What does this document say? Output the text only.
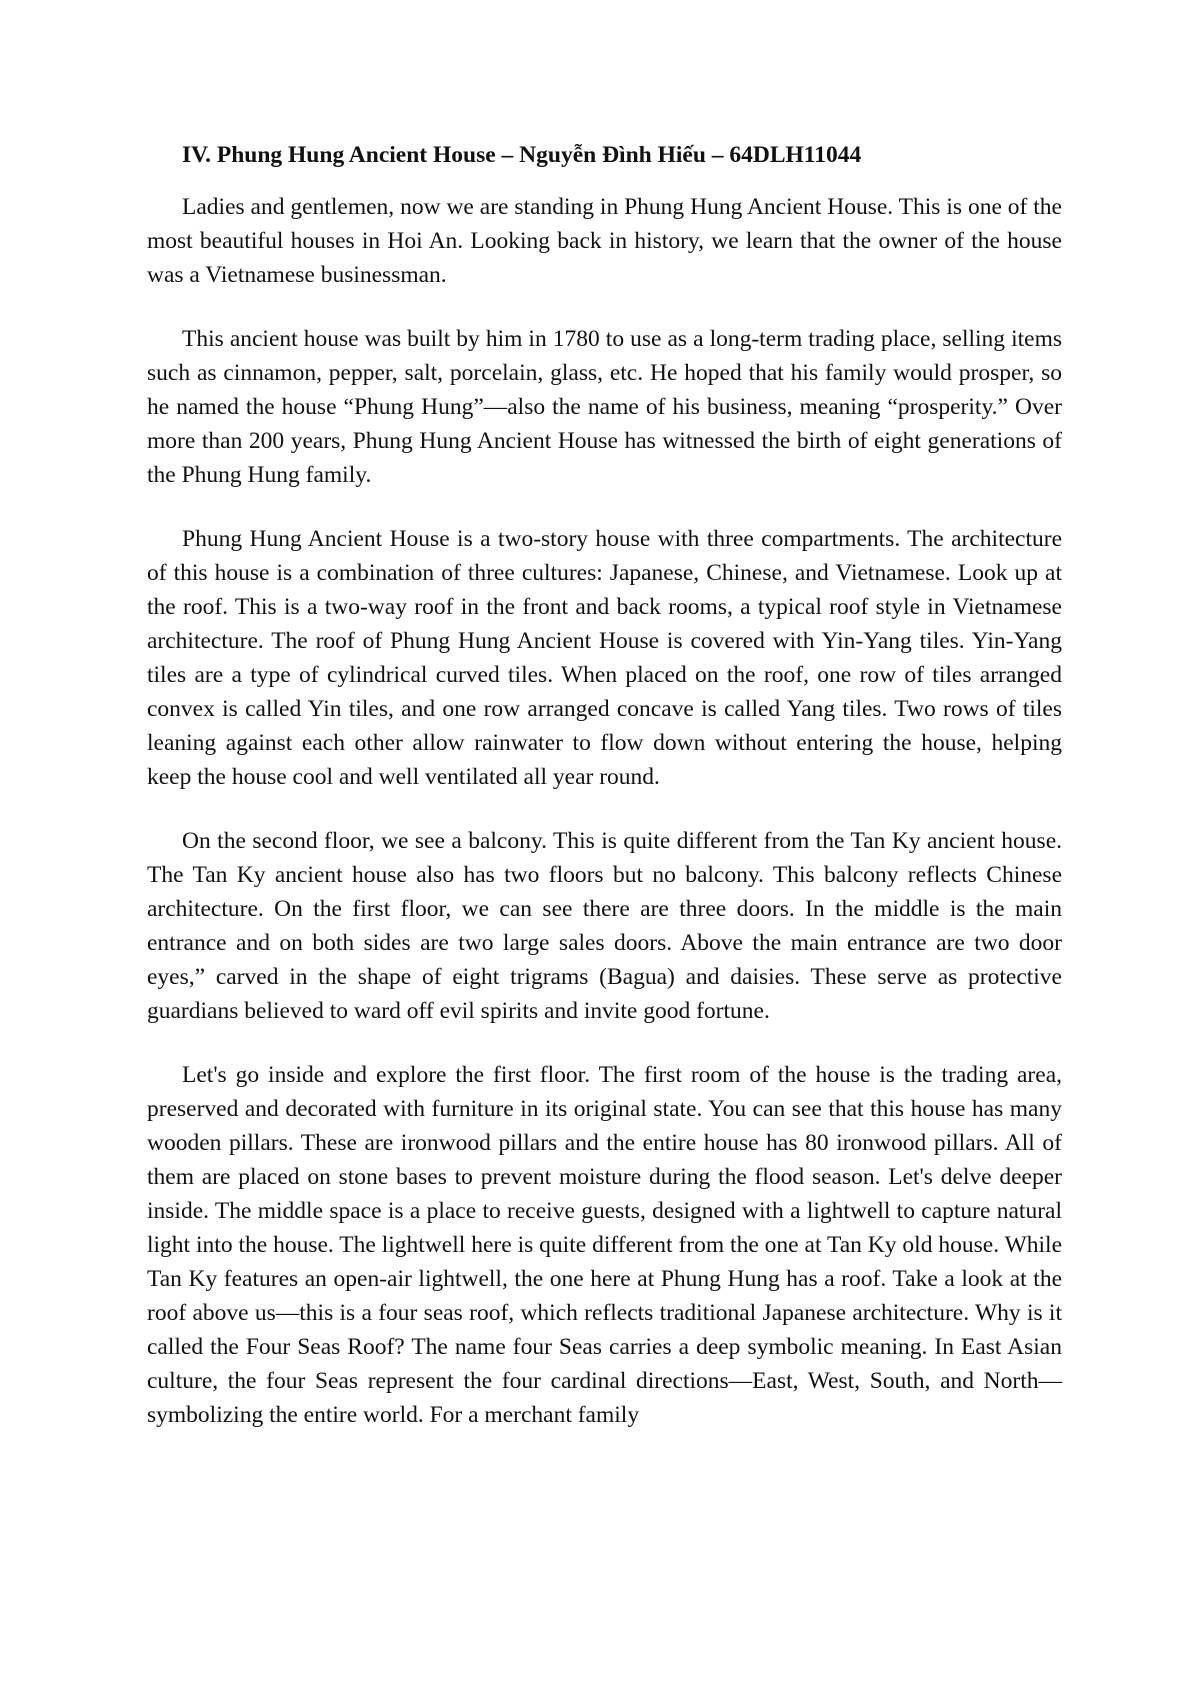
IV. Phung Hung Ancient House – Nguyễn Đình Hiếu – 64DLH11044

Ladies and gentlemen, now we are standing in Phung Hung Ancient House. This is one of the most beautiful houses in Hoi An. Looking back in history, we learn that the owner of the house was a Vietnamese businessman.

This ancient house was built by him in 1780 to use as a long-term trading place, selling items such as cinnamon, pepper, salt, porcelain, glass, etc. He hoped that his family would prosper, so he named the house “Phung Hung”—also the name of his business, meaning “prosperity.” Over more than 200 years, Phung Hung Ancient House has witnessed the birth of eight generations of the Phung Hung family.

Phung Hung Ancient House is a two-story house with three compartments. The architecture of this house is a combination of three cultures: Japanese, Chinese, and Vietnamese. Look up at the roof. This is a two-way roof in the front and back rooms, a typical roof style in Vietnamese architecture. The roof of Phung Hung Ancient House is covered with Yin-Yang tiles. Yin-Yang tiles are a type of cylindrical curved tiles. When placed on the roof, one row of tiles arranged convex is called Yin tiles, and one row arranged concave is called Yang tiles. Two rows of tiles leaning against each other allow rainwater to flow down without entering the house, helping keep the house cool and well ventilated all year round.

On the second floor, we see a balcony. This is quite different from the Tan Ky ancient house. The Tan Ky ancient house also has two floors but no balcony. This balcony reflects Chinese architecture. On the first floor, we can see there are three doors. In the middle is the main entrance and on both sides are two large sales doors. Above the main entrance are two door eyes,” carved in the shape of eight trigrams (Bagua) and daisies. These serve as protective guardians believed to ward off evil spirits and invite good fortune.

Let's go inside and explore the first floor. The first room of the house is the trading area, preserved and decorated with furniture in its original state. You can see that this house has many wooden pillars. These are ironwood pillars and the entire house has 80 ironwood pillars. All of them are placed on stone bases to prevent moisture during the flood season. Let's delve deeper inside. The middle space is a place to receive guests, designed with a lightwell to capture natural light into the house. The lightwell here is quite different from the one at Tan Ky old house. While Tan Ky features an open-air lightwell, the one here at Phung Hung has a roof. Take a look at the roof above us—this is a four seas roof, which reflects traditional Japanese architecture. Why is it called the Four Seas Roof? The name four Seas carries a deep symbolic meaning. In East Asian culture, the four Seas represent the four cardinal directions—East, West, South, and North—symbolizing the entire world. For a merchant family
